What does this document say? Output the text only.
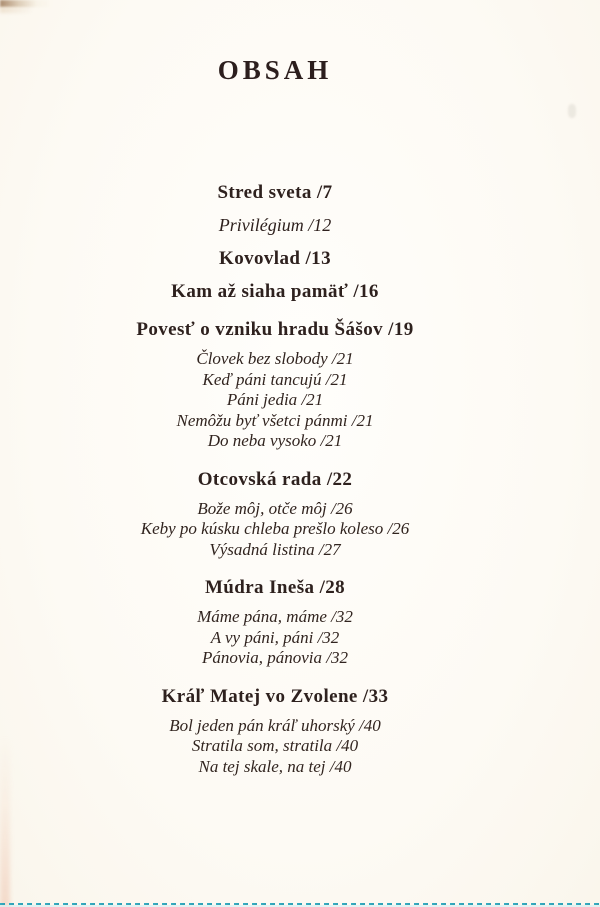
OBSAH
Stred sveta /7
Privilégium /12
Kovovlad /13
Kam až siaha pamäť /16
Povesť o vzniku hradu Šášov /19
Človek bez slobody /21
Keď páni tancujú /21
Páni jedia /21
Nemôžu byť všetci pánmi /21
Do neba vysoko /21
Otcovská rada /22
Bože môj, otče môj /26
Keby po kúsku chleba prešlo koleso /26
Výsadná listina /27
Múdra Ineša /28
Máme pána, máme /32
A vy páni, páni /32
Pánovia, pánovia /32
Kráľ Matej vo Zvolene /33
Bol jeden pán kráľ uhorský /40
Stratila som, stratila /40
Na tej skale, na tej /40
